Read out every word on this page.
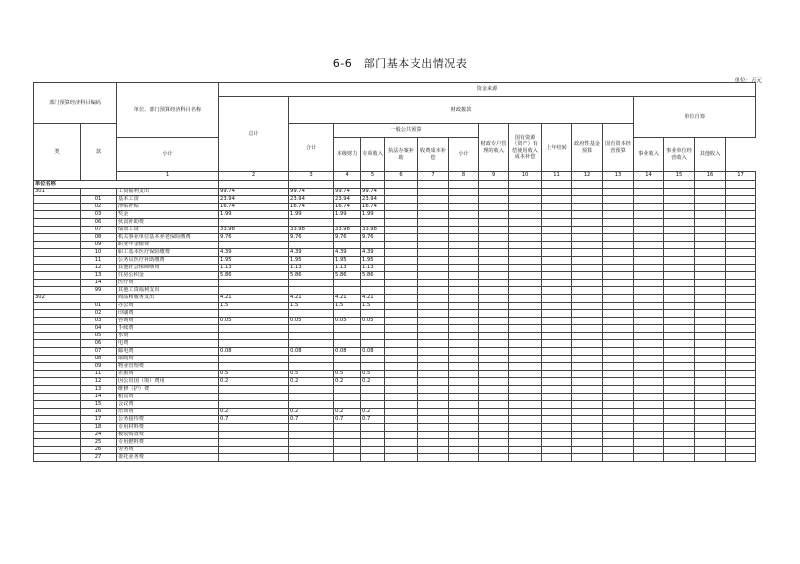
6-6　部门基本支出情况表
单位：万元
部门预算经济科目编码		单位、部门预算经济科目名称	资金来源																
			总计	财政拨款											单位自筹				
类	款			合计	一般公共预算					财政专户管理的收入	国有资源（资产）有偿使用收入成本补偿	上年结转	政府性基金预算	国有资本经营预算					
		小计			本级财力	专项收入	执法办案补助	收费成本补偿	小计						事业收入	事业单位经营收入	其他收入		
		1	2	3	4	5	6	7	8	9	10	11	12	13	14	15	16	17		
单位名称																			
301		工资福利支出	99.74	99.74	99.74	99.74													
	01	基本工资	23.94	23.94	23.94	23.94													
	02	津贴补贴	16.74	16.74	16.74	16.74													
	03	奖金	1.99	1.99	1.99	1.99													
	06	伙食补助费																	
	07	绩效工资	33.98	33.98	33.98	33.98													
	08	机关事业单位基本养老保险缴费	9.76	9.76	9.76	9.76													
	09	职业年金缴费																	
	10	职工基本医疗保险缴费	4.39	4.39	4.39	4.39													
	11	公务员医疗补助缴费	1.95	1.95	1.95	1.95													
	12	其他社会保障缴费	1.13	1.13	1.13	1.13													
	13	住房公积金	5.86	5.86	5.86	5.86													
	14	医疗费																	
	99	其他工资福利支出																	
302		商品和服务支出	4.21	4.21	4.21	4.21													
	01	办公费	1.5	1.5	1.5	1.5													
	02	印刷费																	
	03	咨询费	0.05	0.05	0.05	0.05													
	04	手续费																	
	05	水费																	
	06	电费																	
	07	邮电费	0.08	0.08	0.08	0.08													
	08	取暖费																	
	09	物业管理费																	
	11	差旅费	0.5	0.5	0.5	0.5													
	12	因公出国（境）费用	0.2	0.2	0.2	0.2													
	13	维修（护）费																	
	14	租赁费																	
	15	会议费																	
	16	培训费	0.2	0.2	0.2	0.2													
	17	公务接待费	0.7	0.7	0.7	0.7													
	18	专用材料费																	
	24	被装购置费																	
	25	专用燃料费																	
	26	劳务费																	
	27	委托业务费																	
